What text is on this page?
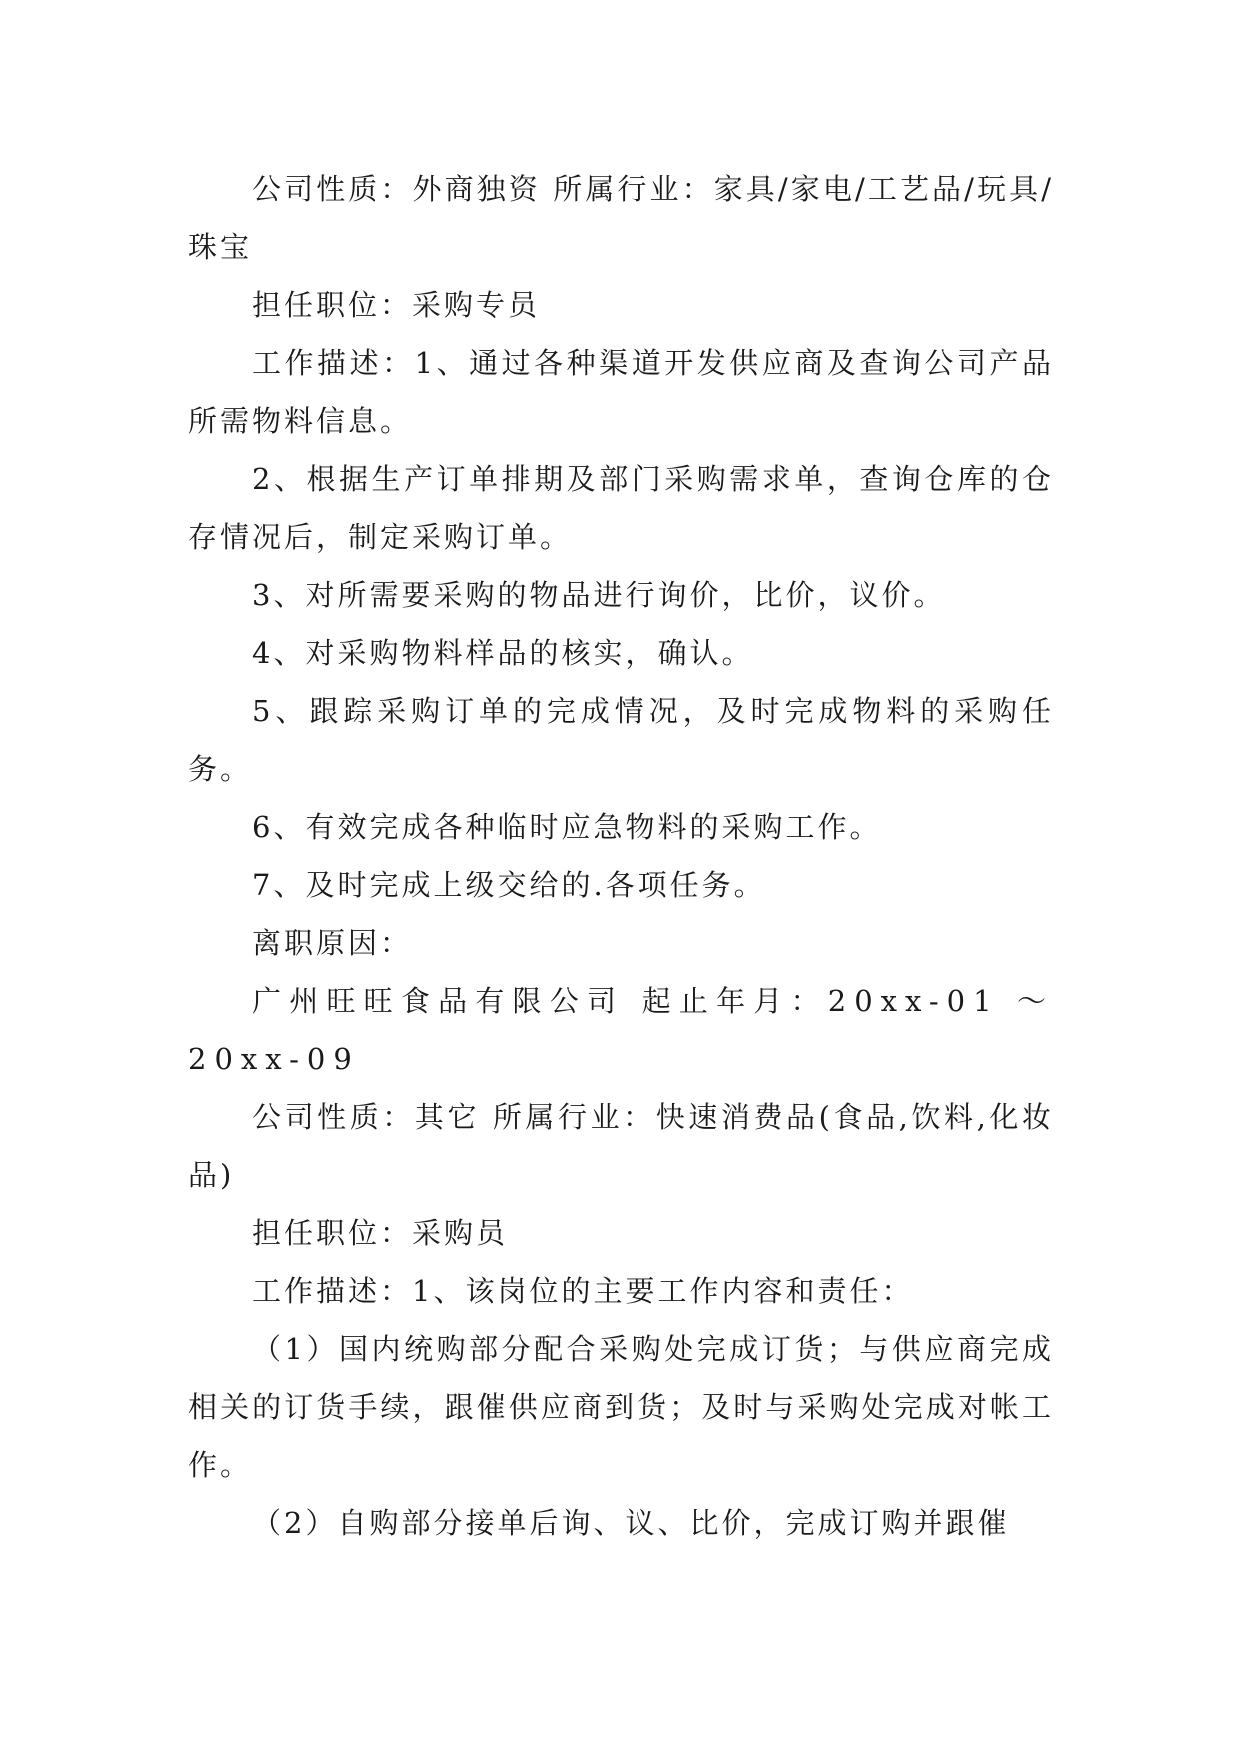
公司性质：外商独资 所属行业：家具/家电/工艺品/玩具/珠宝

担任职位：采购专员

工作描述：1、通过各种渠道开发供应商及查询公司产品所需物料信息。

2、根据生产订单排期及部门采购需求单，查询仓库的仓存情况后，制定采购订单。

3、对所需要采购的物品进行询价，比价，议价。

4、对采购物料样品的核实，确认。

5、跟踪采购订单的完成情况，及时完成物料的采购任务。

6、有效完成各种临时应急物料的采购工作。

7、及时完成上级交给的.各项任务。

离职原因：

广州旺旺食品有限公司 起止年月：20xx-01 ～ 20xx-09

公司性质：其它 所属行业：快速消费品(食品,饮料,化妆品)

担任职位：采购员

工作描述：1、该岗位的主要工作内容和责任：

（1）国内统购部分配合采购处完成订货；与供应商完成相关的订货手续，跟催供应商到货；及时与采购处完成对帐工作。

（2）自购部分接单后询、议、比价，完成订购并跟催
